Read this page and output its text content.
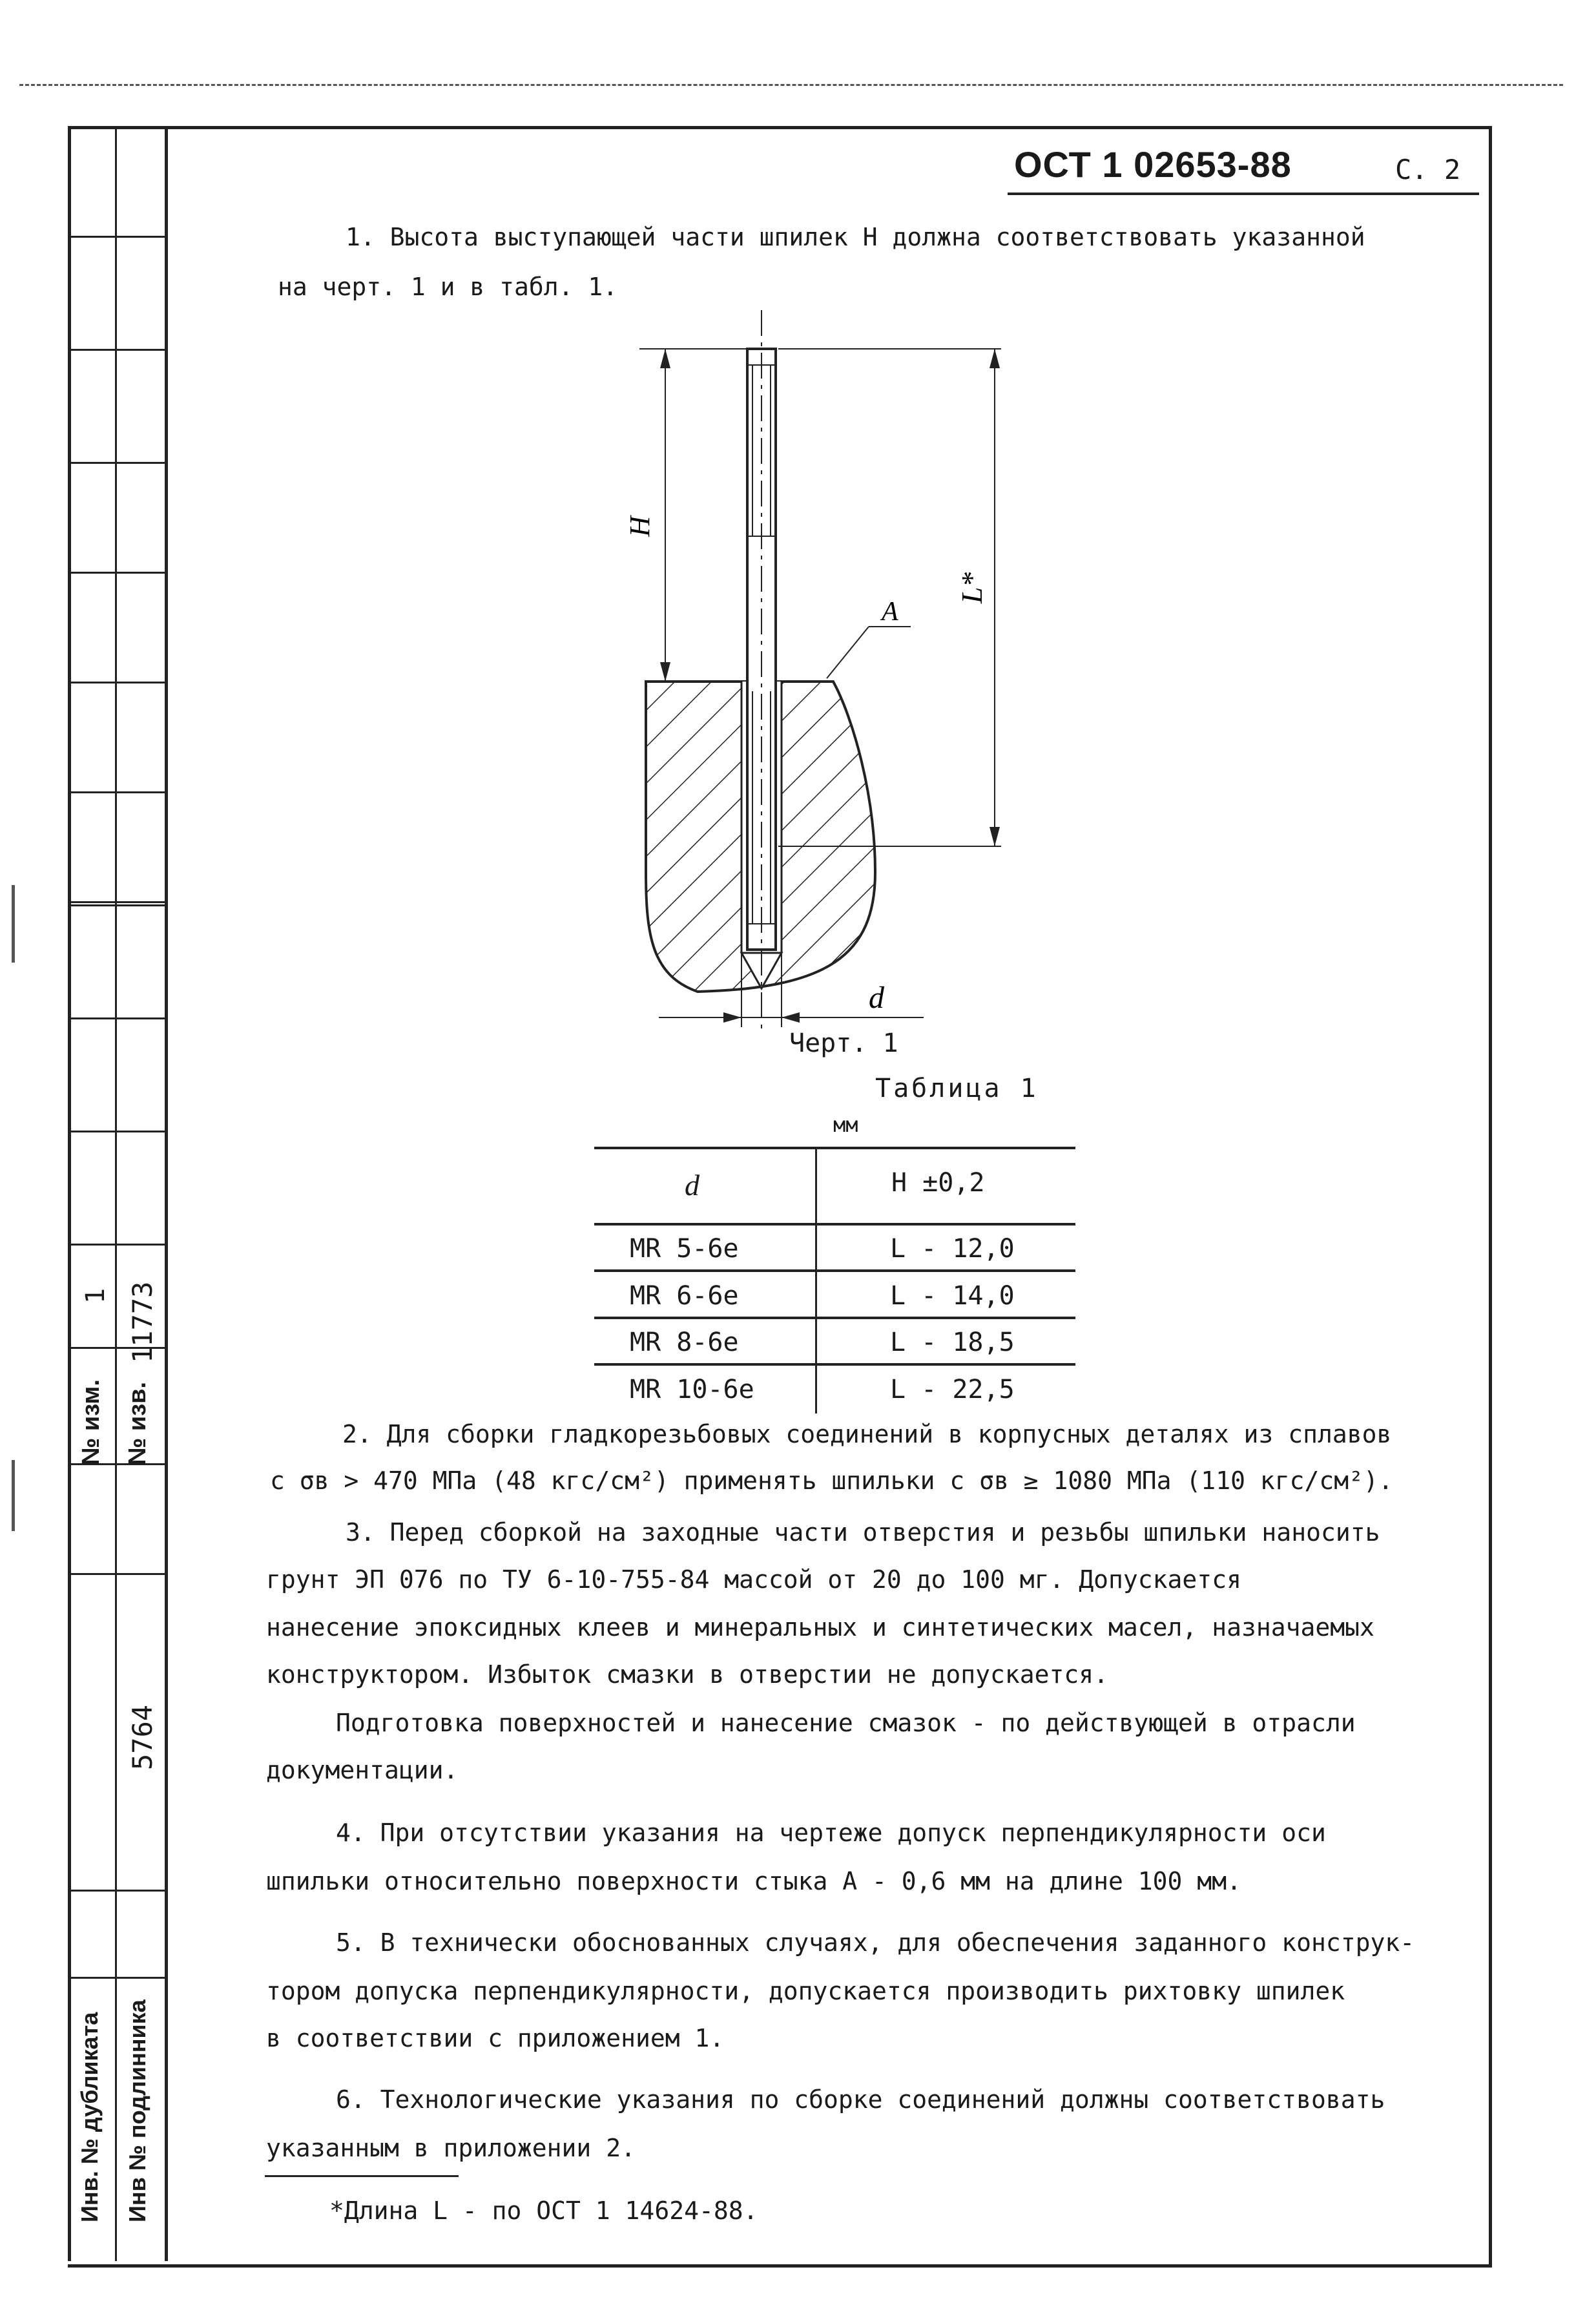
№ изм.
1
№ изв.
11773
5764
Инв. № дубликата Инв № подлинника
ОСТ 1 02653-88	С. 2
1. Высота выступающей части шпилек H должна соответствовать указанной
на черт. 1 и в табл. 1.
H
L*
A
d
Черт. 1
Таблица 1
мм
d	H ±0,2
MR 5-6e	L - 12,0
MR 6-6e	L - 14,0
MR 8-6e	L - 18,5
MR 10-6e	L - 22,5
2. Для сборки гладкорезьбовых соединений в корпусных деталях из сплавов
с σв > 470 МПа (48 кгс/см²) применять шпильки с σв ≥ 1080 МПа (110 кгс/см²).
3. Перед сборкой на заходные части отверстия и резьбы шпильки наносить
грунт ЭП 076 по ТУ 6-10-755-84 массой от 20 до 100 мг. Допускается
нанесение эпоксидных клеев и минеральных и синтетических масел, назначаемых
конструктором. Избыток смазки в отверстии не допускается.
Подготовка поверхностей и нанесение смазок - по действующей в отрасли
документации.
4. При отсутствии указания на чертеже допуск перпендикулярности оси
шпильки относительно поверхности стыка A - 0,6 мм на длине 100 мм.
5. В технически обоснованных случаях, для обеспечения заданного конструк-
тором допуска перпендикулярности, допускается производить рихтовку шпилек
в соответствии с приложением 1.
6. Технологические указания по сборке соединений должны соответствовать
указанным в приложении 2.
*Длина L - по ОСТ 1 14624-88.
